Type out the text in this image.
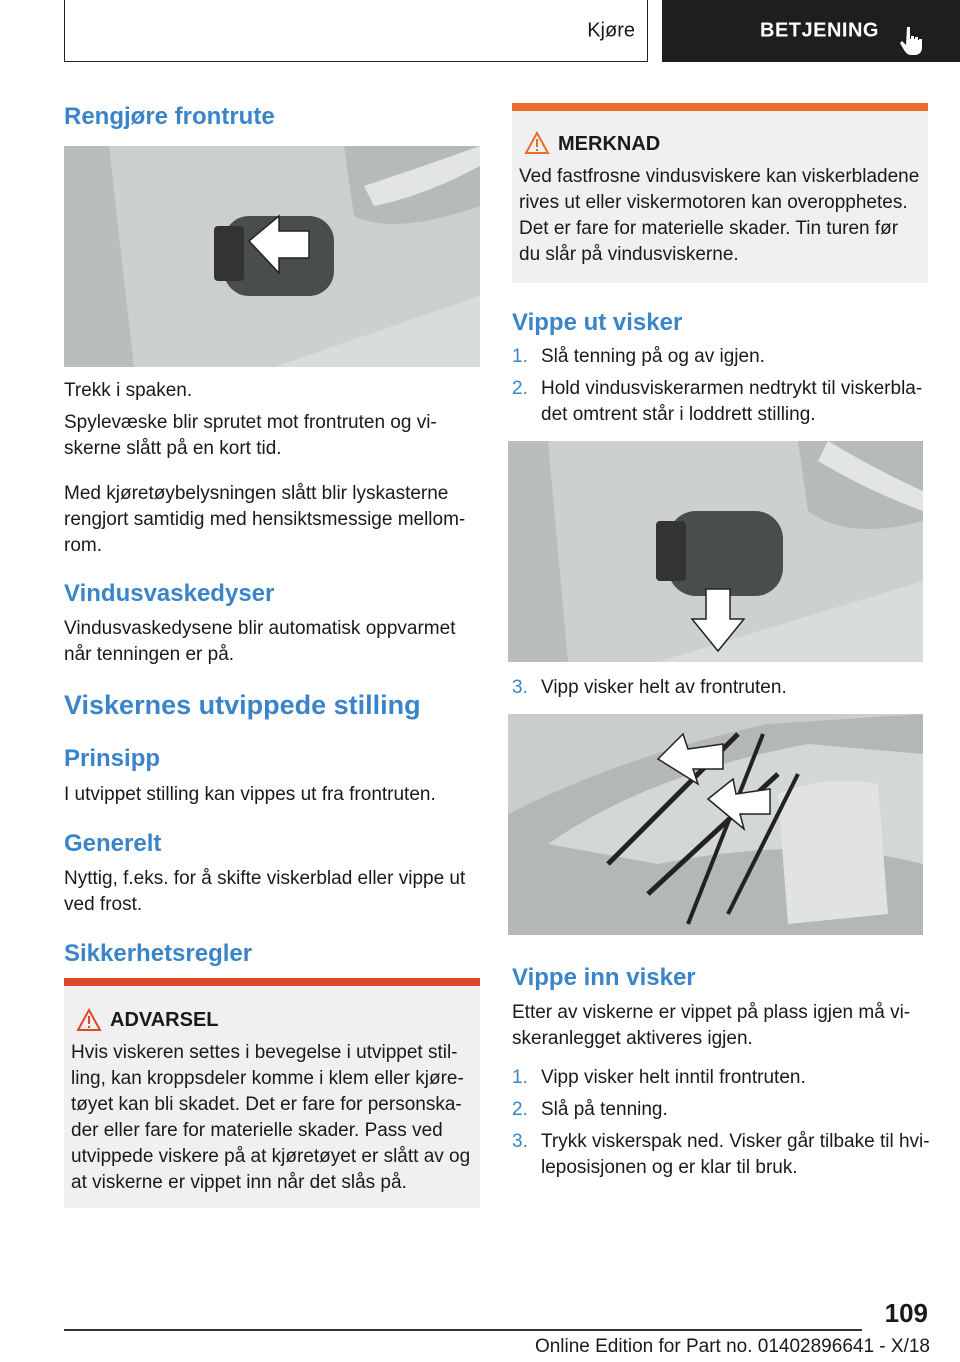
Kjøre	BETJENING
Rengjøre frontrute

Trekk i spaken.

Spylevæske blir sprutet mot frontruten og vi-

skerne slått på en kort tid.

Med kjøretøybelysningen slått blir lyskasterne

rengjort samtidig med hensiktsmessige mellom-

rom.

Vindusvaskedyser

Vindusvaskedysene blir automatisk oppvarmet

når tenningen er på.

Viskernes utvippede stilling
Prinsipp

I utvippet stilling kan vippes ut fra frontruten.

Generelt

Nyttig, f.eks. for å skifte viskerblad eller vippe ut

ved frost.

Sikkerhetsregler
ADVARSEL

Hvis viskeren settes i bevegelse i utvippet stil-

ling, kan kroppsdeler komme i klem eller kjøre-

tøyet kan bli skadet. Det er fare for personska-

der eller fare for materielle skader. Pass ved

utvippede viskere på at kjøretøyet er slått av og

at viskerne er vippet inn når det slås på.

MERKNAD

Ved fastfrosne vindusviskere kan viskerbladene

rives ut eller viskermotoren kan overopphetes.

Det er fare for materielle skader. Tin turen før

du slår på vindusviskerne.

Vippe ut visker
1. Slå tenning på og av igjen.
2. Hold vindusviskerarmen nedtrykt til viskerbla-
det omtrent står i loddrett stilling.
3. Vipp visker helt av frontruten.
Vippe inn visker

Etter av viskerne er vippet på plass igjen må vi-

skeranlegget aktiveres igjen.

1. Vipp visker helt inntil frontruten.
2. Slå på tenning.
3. Trykk viskerspak ned. Visker går tilbake til hvi-
leposisjonen og er klar til bruk.
109
Online Edition for Part no. 01402896641 - X/18
